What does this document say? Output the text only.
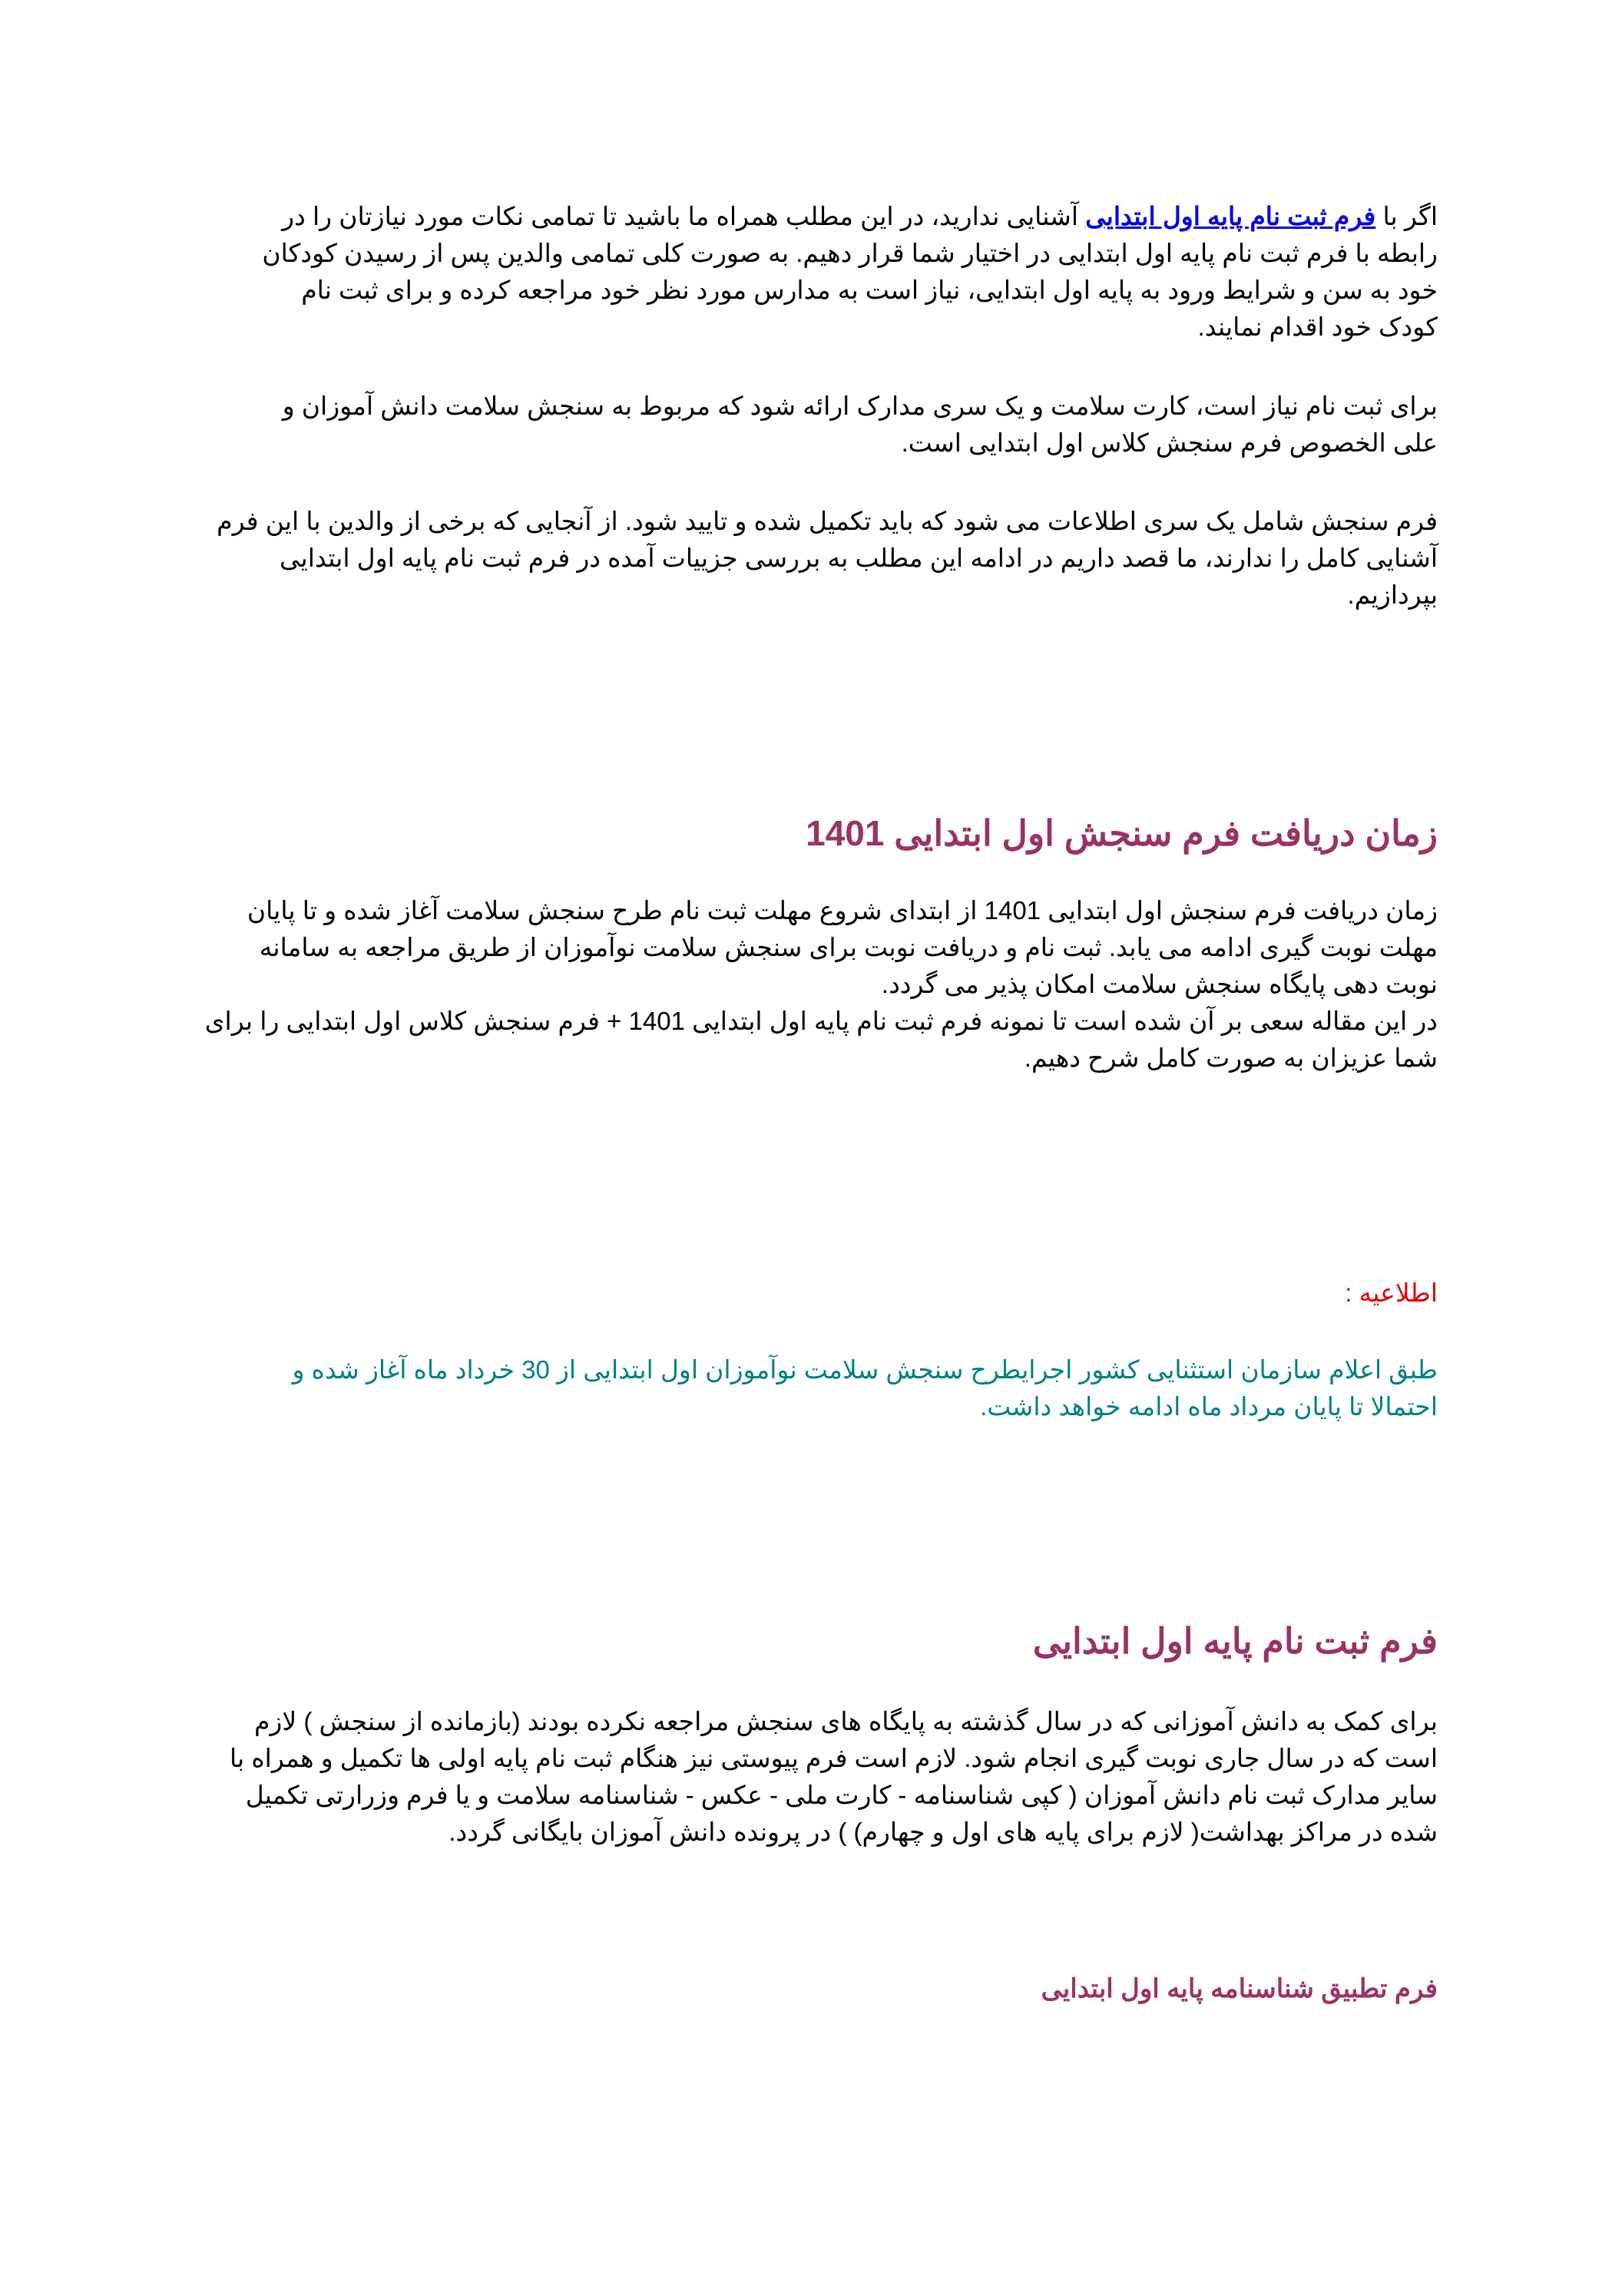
اگر با فرم ثبت نام پایه اول ابتدایی آشنایی ندارید، در این مطلب همراه ما باشید تا تمامی نکات مورد نیازتان را در
رابطه با فرم ثبت نام پایه اول ابتدایی در اختیار شما قرار دهیم. به صورت کلی تمامی والدین پس از رسیدن کودکان
خود به سن و شرایط ورود به پایه اول ابتدایی، نیاز است به مدارس مورد نظر خود مراجعه کرده و برای ثبت نام
کودک خود اقدام نمایند.
برای ثبت نام نیاز است، کارت سلامت و یک سری مدارک ارائه شود که مربوط به سنجش سلامت دانش آموزان و
علی الخصوص فرم سنجش کلاس اول ابتدایی است.
فرم سنجش شامل یک سری اطلاعات می شود که باید تکمیل شده و تایید شود. از آنجایی که برخی از والدین با این فرم
آشنایی کامل را ندارند، ما قصد داریم در ادامه این مطلب به بررسی جزییات آمده در فرم ثبت نام پایه اول ابتدایی
بپردازیم.
زمان دریافت فرم سنجش اول ابتدایی 1401
زمان دریافت فرم سنجش اول ابتدایی 1401 از ابتدای شروع مهلت ثبت نام طرح سنجش سلامت آغاز شده و تا پایان
مهلت نوبت گیری ادامه می یابد. ثبت نام و دریافت نوبت برای سنجش سلامت نوآموزان از طریق مراجعه به سامانه
نوبت دهی پایگاه سنجش سلامت امکان پذیر می گردد.
در این مقاله سعی بر آن شده است تا نمونه فرم ثبت نام پایه اول ابتدایی 1401 + فرم سنجش کلاس اول ابتدایی را برای
شما عزیزان به صورت کامل شرح دهیم.
اطلاعیه :
طبق اعلام سازمان استثنایی کشور اجرایطرح سنجش سلامت نوآموزان اول ابتدایی از 30 خرداد ماه آغاز شده و
احتمالا تا پایان مرداد ماه ادامه خواهد داشت.
فرم ثبت نام پایه اول ابتدایی
برای کمک به دانش آموزانی که در سال گذشته به پایگاه های سنجش مراجعه نکرده بودند (بازمانده از سنجش ) لازم
است که در سال جاری نوبت گیری انجام شود. لازم است فرم پیوستی نیز هنگام ثبت نام پایه اولی ها تکمیل و همراه با
سایر مدارک ثبت نام دانش آموزان ( کپی شناسنامه - کارت ملی - عکس - شناسنامه سلامت و یا فرم وزرارتی تکمیل
شده در مراکز بهداشت( لازم برای پایه های اول و چهارم) ) در پرونده دانش آموزان بایگانی گردد.
فرم تطبیق شناسنامه پایه اول ابتدایی
